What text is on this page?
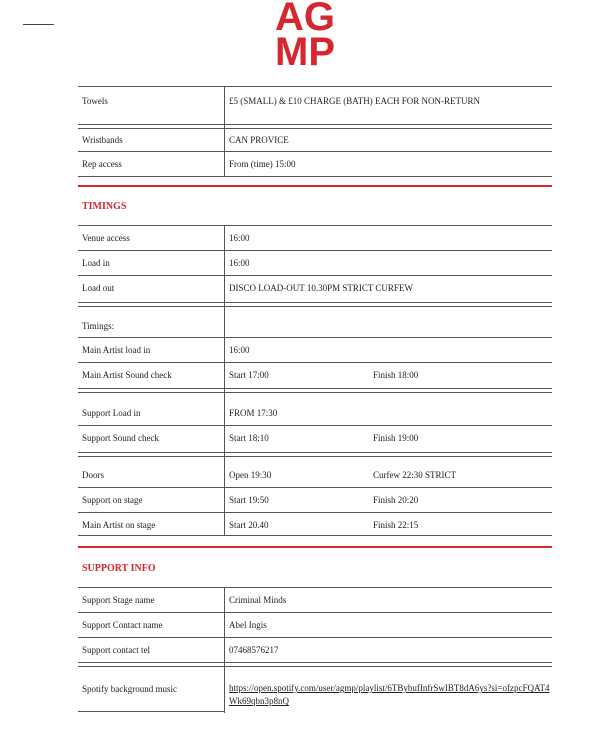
AG
MP
Towels	£5 (SMALL) & £10 CHARGE (BATH) EACH FOR NON-RETURN
Wristbands	CAN PROVICE
Rep access	From (time) 15:00
TIMINGS
Venue access	16:00
Load in	16:00
Load out	DISCO LOAD-OUT 10.30PM STRICT CURFEW
Timings:
Main Artist load in	16:00
Main Artist Sound check	Start 17:00	Finish 18:00
Support Load in	FROM 17:30
Support Sound check	Start 18:10	Finish 19:00
Doors	Open 19:30	Curfew 22:30 STRICT
Support on stage	Start 19:50	Finish 20:20
Main Artist on stage	Start 20.40	Finish 22:15
SUPPORT INFO
Support Stage name	Criminal Minds
Support Contact name	Abel Ingis
Support contact tel	07468576217
Spotify background music	https://open.spotify.com/user/agmp/playlist/6TBybufInfrSwIBT8dA6ys?si=ofzpcFQAT4Wk69qbn3p8nQ
